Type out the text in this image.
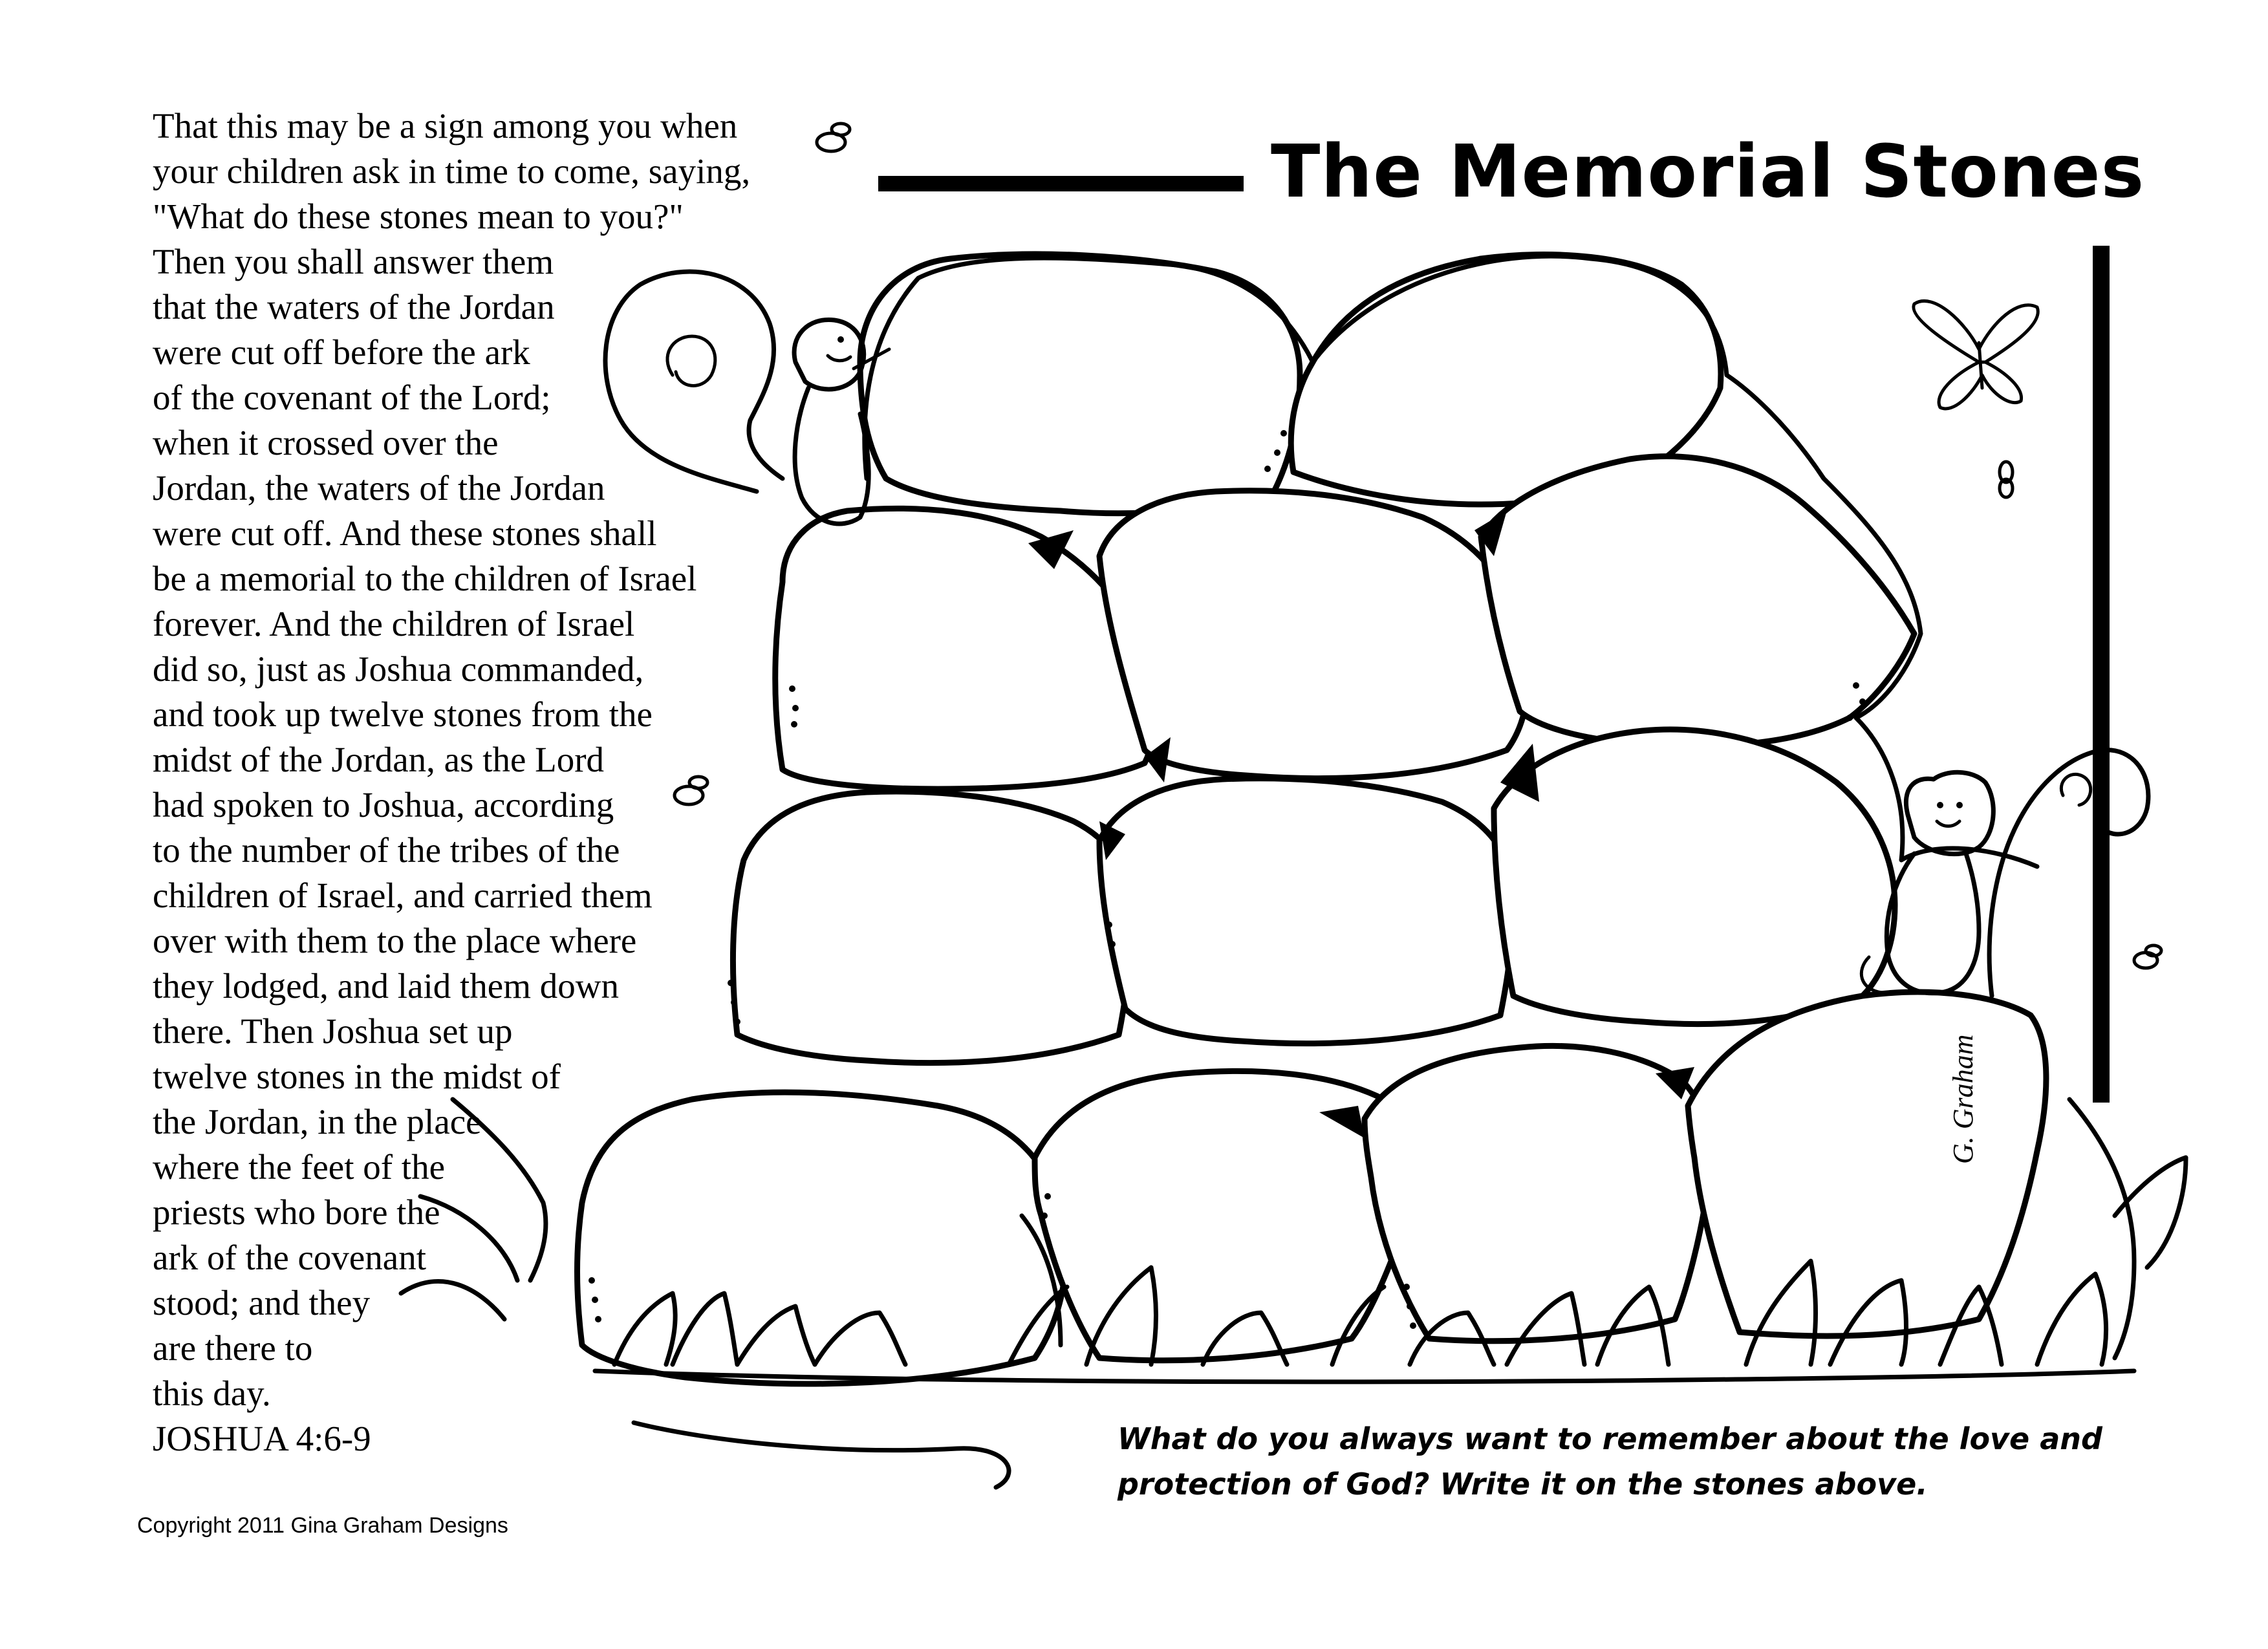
That this may be a sign among you when
your children ask in time to come, saying,
"What do these stones mean to you?"
Then you shall answer them
that the waters of the Jordan
were cut off before the ark
of the covenant of the Lord;
when it crossed over the
Jordan, the waters of the Jordan
were cut off. And these stones shall
be a memorial to the children of Israel
forever. And the children of Israel
did so, just as Joshua commanded,
and took up twelve stones from the
midst of the Jordan, as the Lord
had spoken to Joshua, according
to the number of the tribes of the
children of Israel, and carried them
over with them to the place where
they lodged, and laid them down
there. Then Joshua set up
twelve stones in the midst of
the Jordan, in the place
where the feet of the
priests who bore the
ark of the covenant
stood; and they
are there to
this day.
JOSHUA 4:6-9
The Memorial Stones

What do you always want to remember about the love and
protection of God? Write it on the stones above.

G. Graham

Copyright 2011 Gina Graham Designs
